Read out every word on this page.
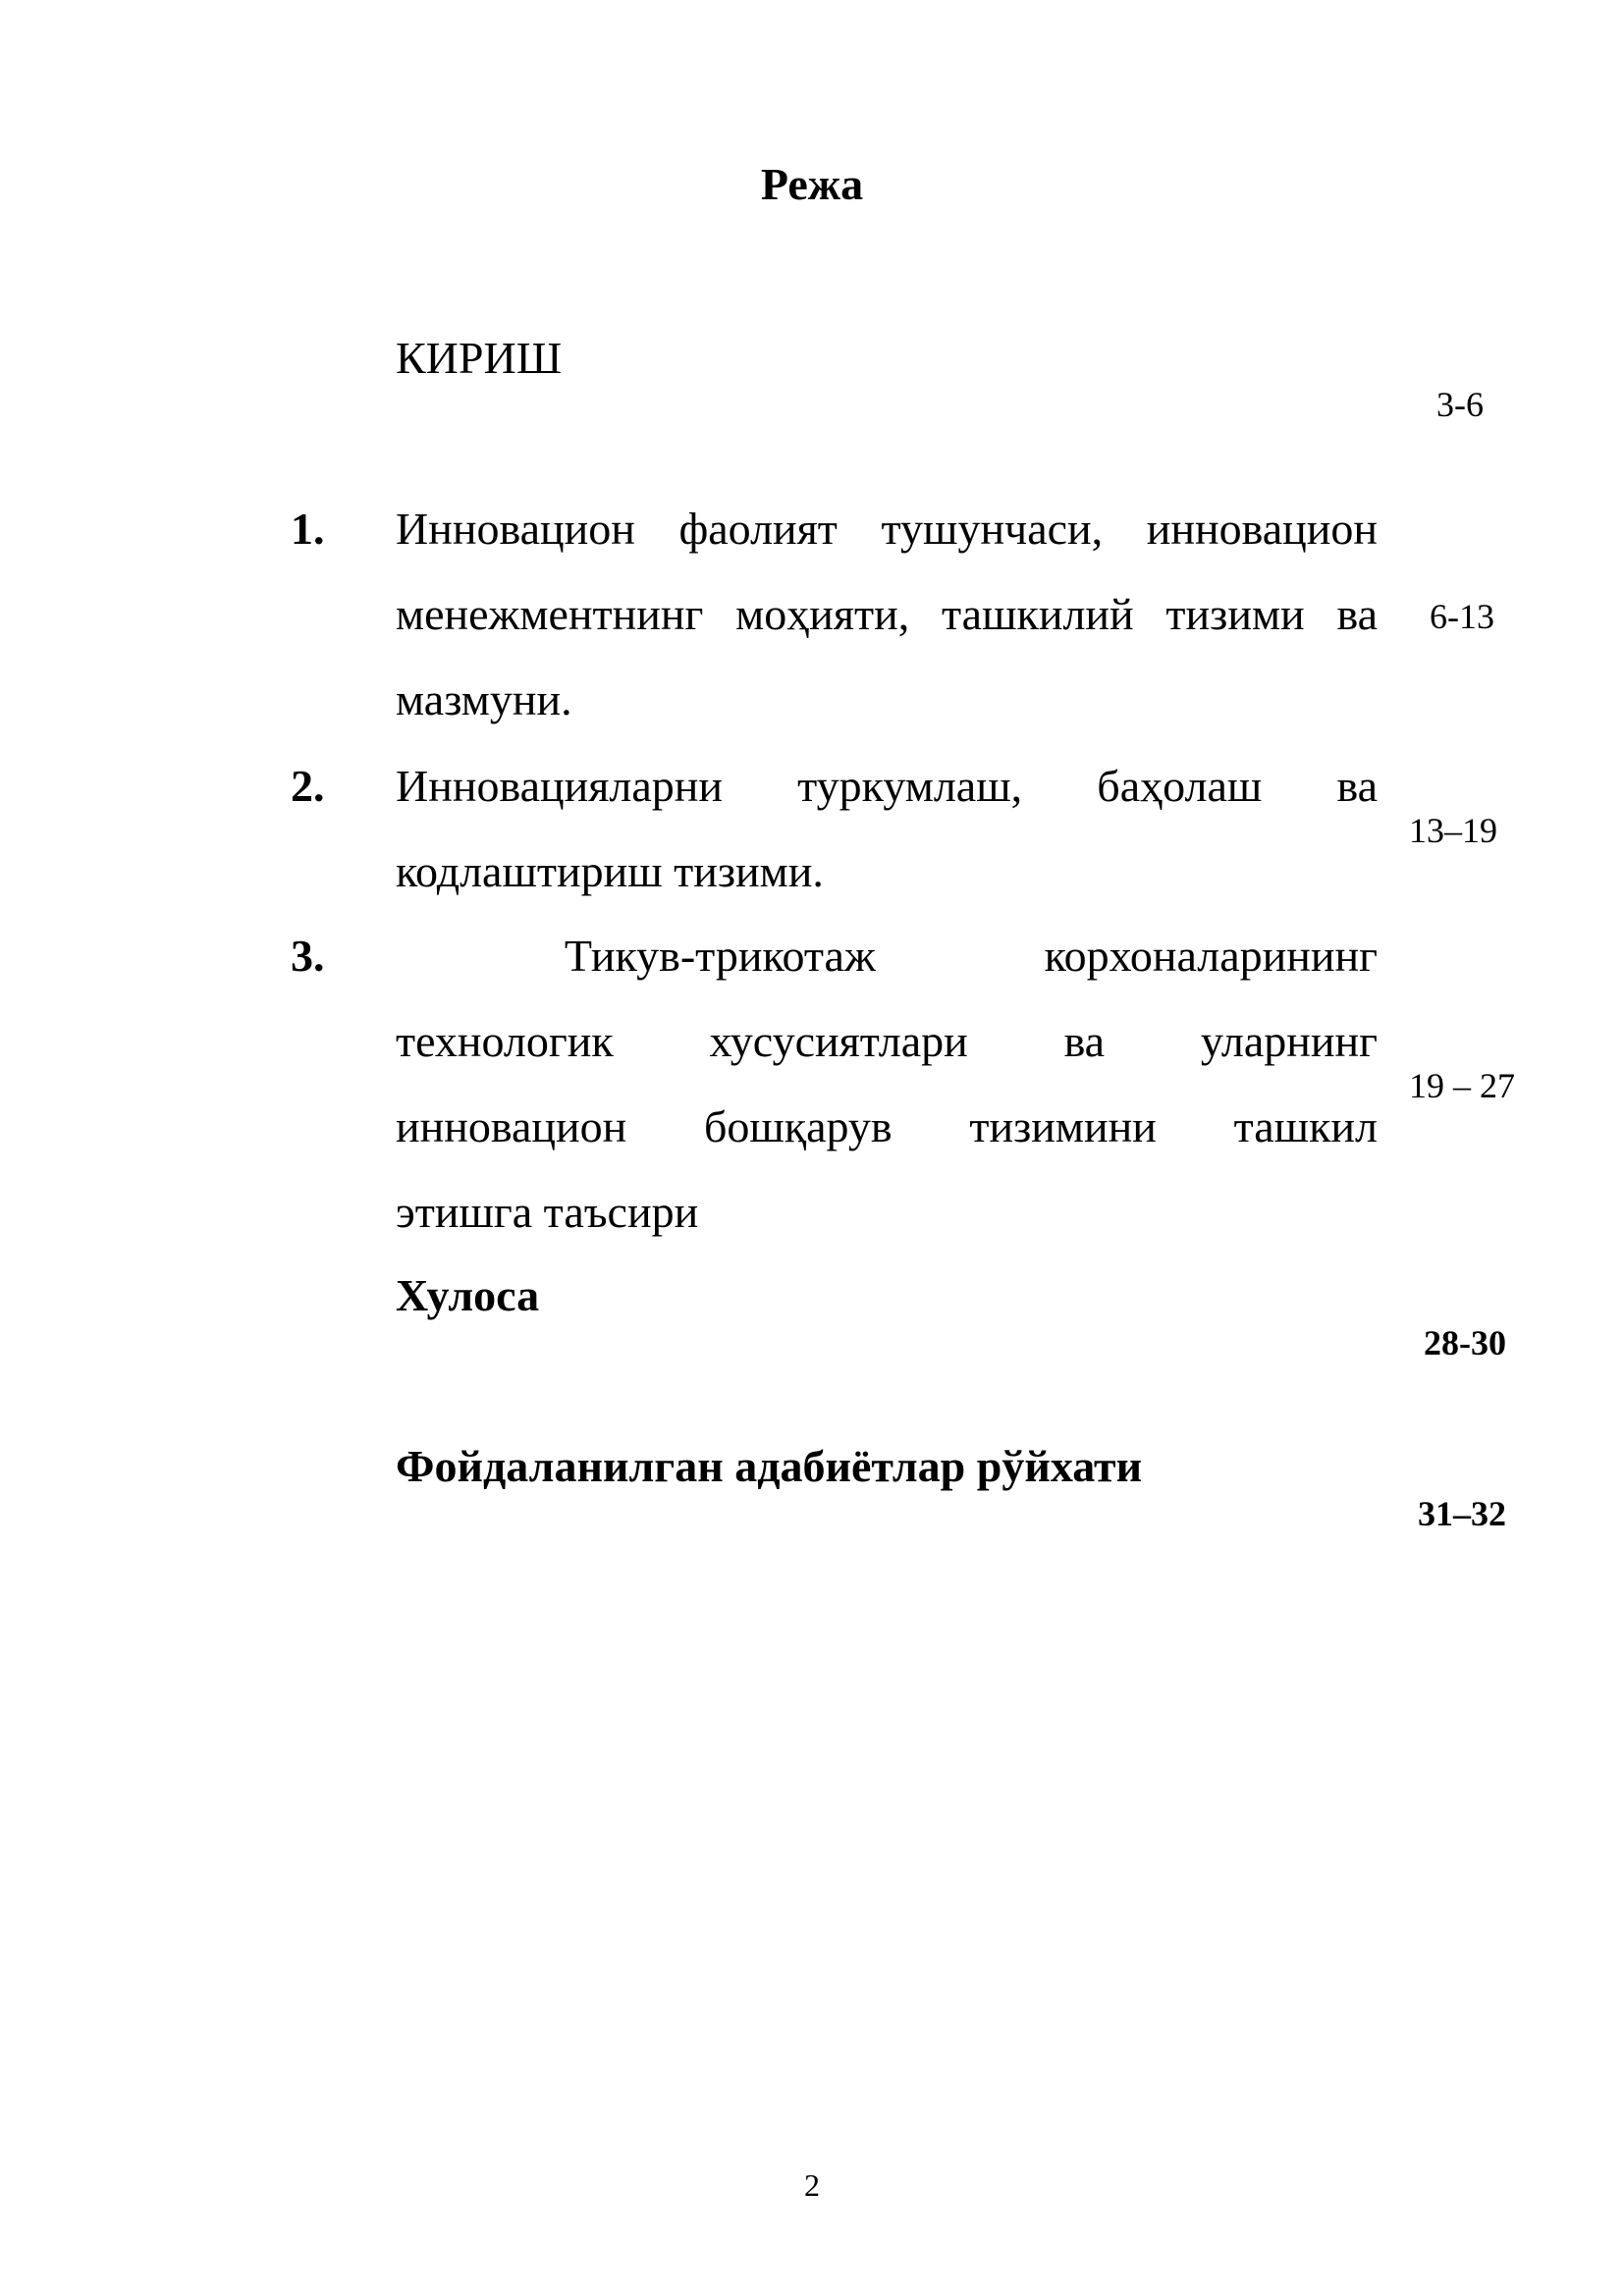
Режа
КИРИШ
3-6
1. Инновацион фаолият тушунчаси, инновацион
менежментнинг моҳияти, ташкилий тизими ва
мазмуни.
6-13
2. Инновацияларни туркумлаш, баҳолаш ва
кодлаштириш тизими.
13–19
3. Тикув-трикотаж корхоналарининг
технологик хусусиятлари ва уларнинг
инновацион бошқарув тизимини ташкил
этишга таъсири
19 – 27
Хулоса
28-30
Фойдаланилган адабиётлар рўйхати
31–32
2
